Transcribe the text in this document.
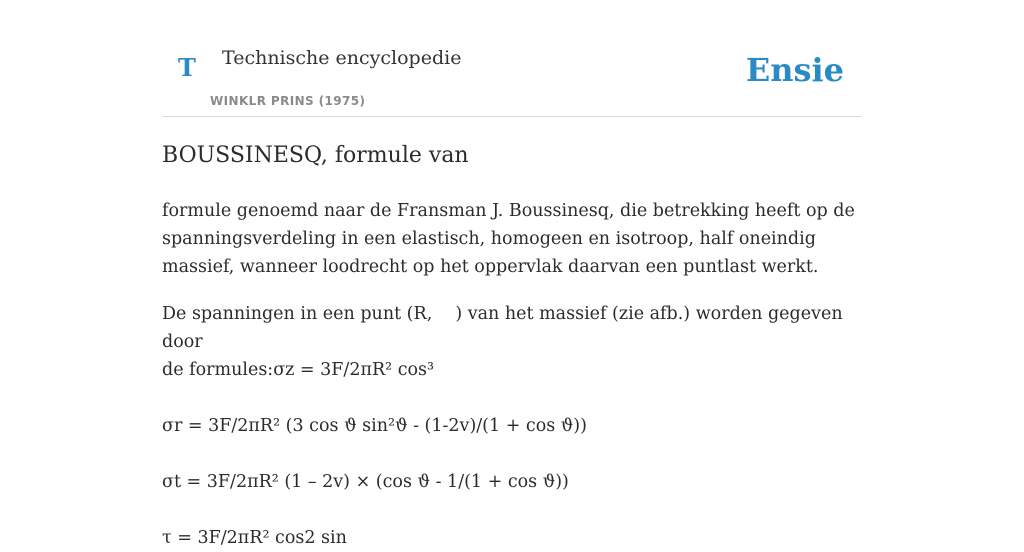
T Technische encyclopedie
WINKLR PRINS (1975)
Ensie
BOUSSINESQ, formule van

formule genoemd naar de Fransman J. Boussinesq, die betrekking heeft op de spanningsverdeling in een elastisch, homogeen en isotroop, half oneindig massief, wanneer loodrecht op het oppervlak daarvan een puntlast werkt.

De spanningen in een punt (R,  ) van het massief (zie afb.) worden gegeven door

de formules:σz = 3F/2πR² cos³

σr = 3F/2πR² (3 cos ϑ sin²ϑ - (1-2v)/(1 + cos ϑ))

σt = 3F/2πR² (1 – 2v) × (cos ϑ - 1/(1 + cos ϑ))

τ = 3F/2πR² cos2 sin
